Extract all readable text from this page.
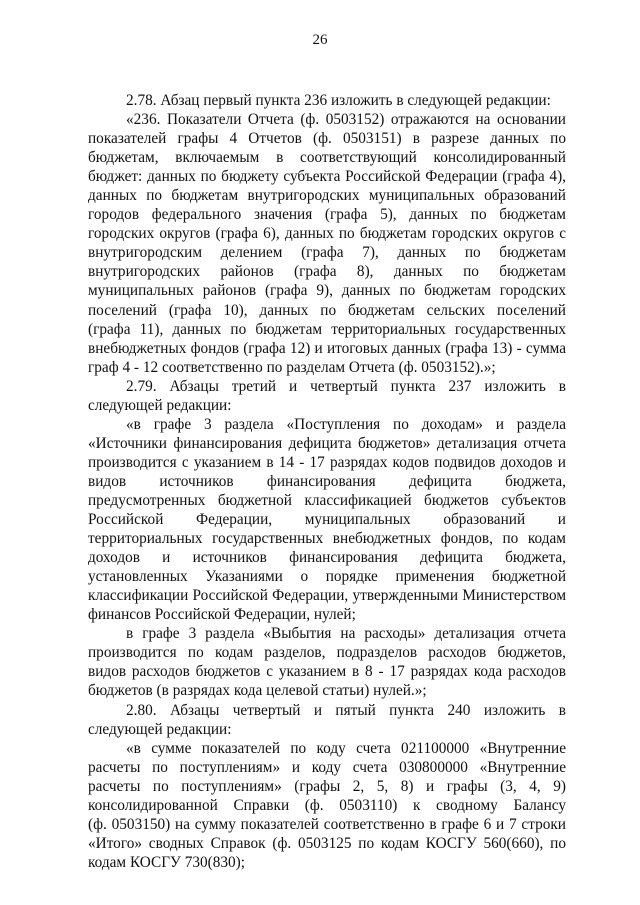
26
2.78. Абзац первый пункта 236 изложить в следующей редакции:
«236. Показатели Отчета (ф. 0503152) отражаются на основании
показателей графы 4 Отчетов (ф. 0503151) в разрезе данных по
бюджетам, включаемым в соответствующий консолидированный
бюджет: данных по бюджету субъекта Российской Федерации (графа 4),
данных по бюджетам внутригородских муниципальных образований
городов федерального значения (графа 5), данных по бюджетам
городских округов (графа 6), данных по бюджетам городских округов с
внутригородским делением (графа 7), данных по бюджетам
внутригородских районов (графа 8), данных по бюджетам
муниципальных районов (графа 9), данных по бюджетам городских
поселений (графа 10), данных по бюджетам сельских поселений
(графа 11), данных по бюджетам территориальных государственных
внебюджетных фондов (графа 12) и итоговых данных (графа 13) - сумма
граф 4 - 12 соответственно по разделам Отчета (ф. 0503152).»;
2.79. Абзацы третий и четвертый пункта 237 изложить в
следующей редакции:
«в графе 3 раздела «Поступления по доходам» и раздела
«Источники финансирования дефицита бюджетов» детализация отчета
производится с указанием в 14 - 17 разрядах кодов подвидов доходов и
видов источников финансирования дефицита бюджета,
предусмотренных бюджетной классификацией бюджетов субъектов
Российской Федерации, муниципальных образований и
территориальных государственных внебюджетных фондов, по кодам
доходов и источников финансирования дефицита бюджета,
установленных Указаниями о порядке применения бюджетной
классификации Российской Федерации, утвержденными Министерством
финансов Российской Федерации, нулей;
в графе 3 раздела «Выбытия на расходы» детализация отчета
производится по кодам разделов, подразделов расходов бюджетов,
видов расходов бюджетов с указанием в 8 - 17 разрядах кода расходов
бюджетов (в разрядах кода целевой статьи) нулей.»;
2.80. Абзацы четвертый и пятый пункта 240 изложить в
следующей редакции:
«в сумме показателей по коду счета 021100000 «Внутренние
расчеты по поступлениям» и коду счета 030800000 «Внутренние
расчеты по поступлениям» (графы 2, 5, 8) и графы (3, 4, 9)
консолидированной Справки (ф. 0503110) к сводному Балансу
(ф. 0503150) на сумму показателей соответственно в графе 6 и 7 строки
«Итого» сводных Справок (ф. 0503125 по кодам КОСГУ 560(660), по
кодам КОСГУ 730(830);
